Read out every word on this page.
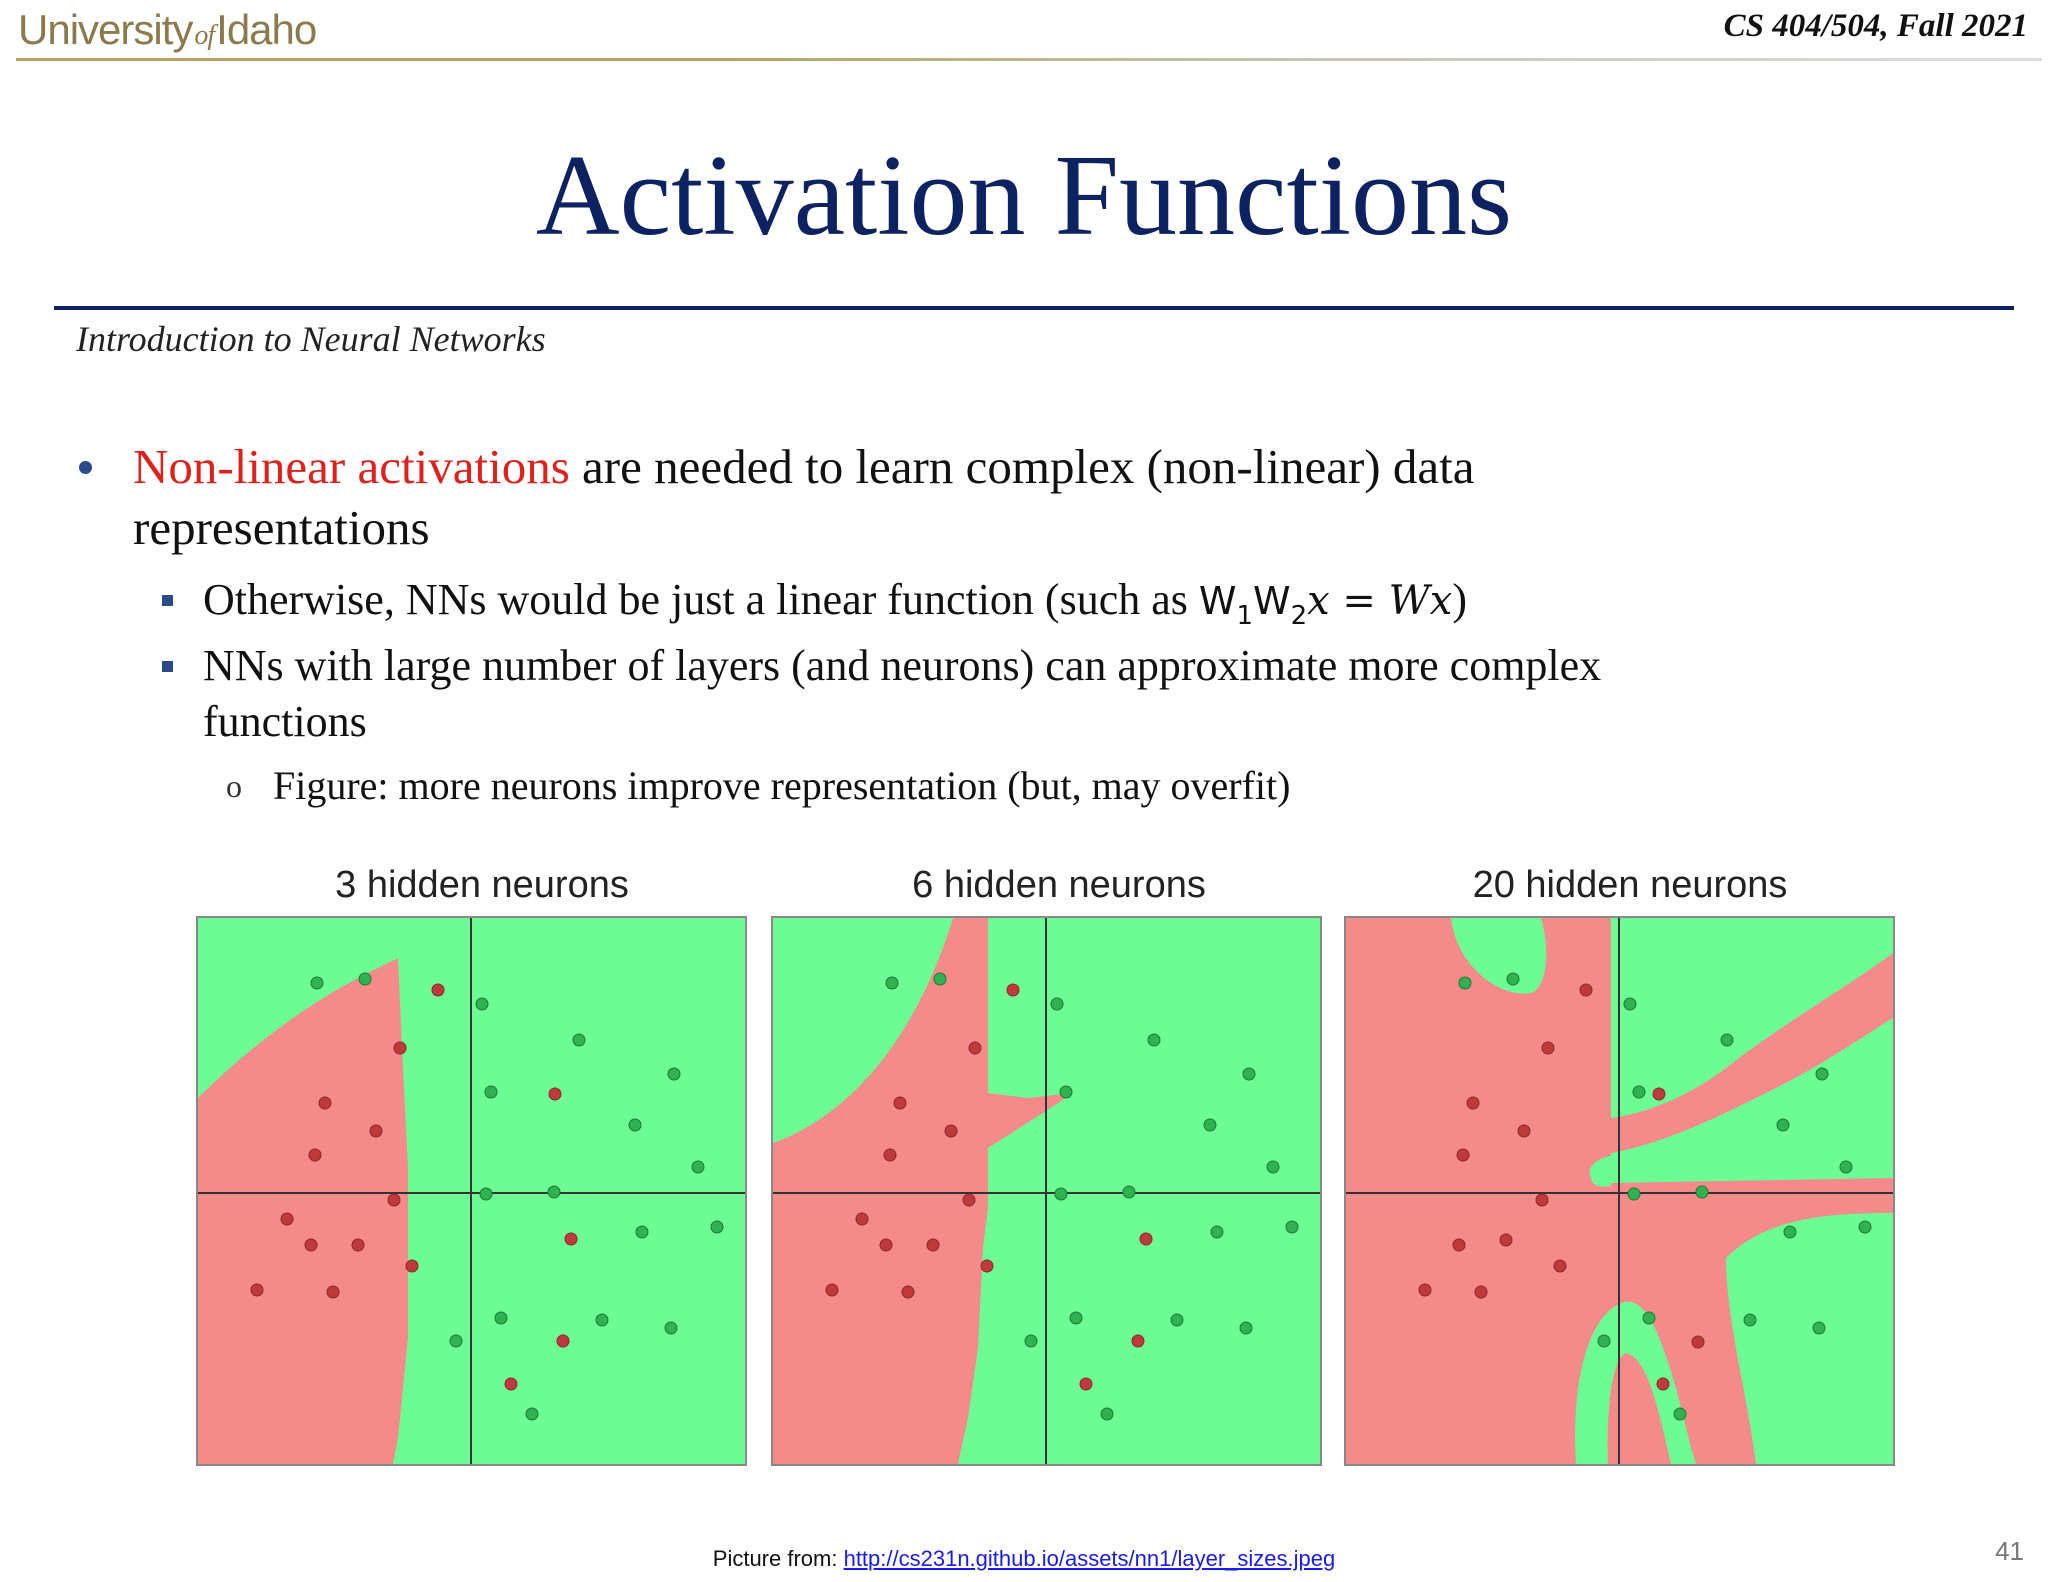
UniversityofIdaho	CS 404/504, Fall 2021
Activation Functions
Introduction to Neural Networks
Non-linear activations are needed to learn complex (non-linear) data
representations
Otherwise, NNs would be just a linear function (such as $W_1W_2x = Wx$)
NNs with large number of layers (and neurons) can approximate more complex
functions
o Figure: more neurons improve representation (but, may overfit)
3 hidden neurons	6 hidden neurons	20 hidden neurons
Picture from: http://cs231n.github.io/assets/nn1/layer_sizes.jpeg	41
